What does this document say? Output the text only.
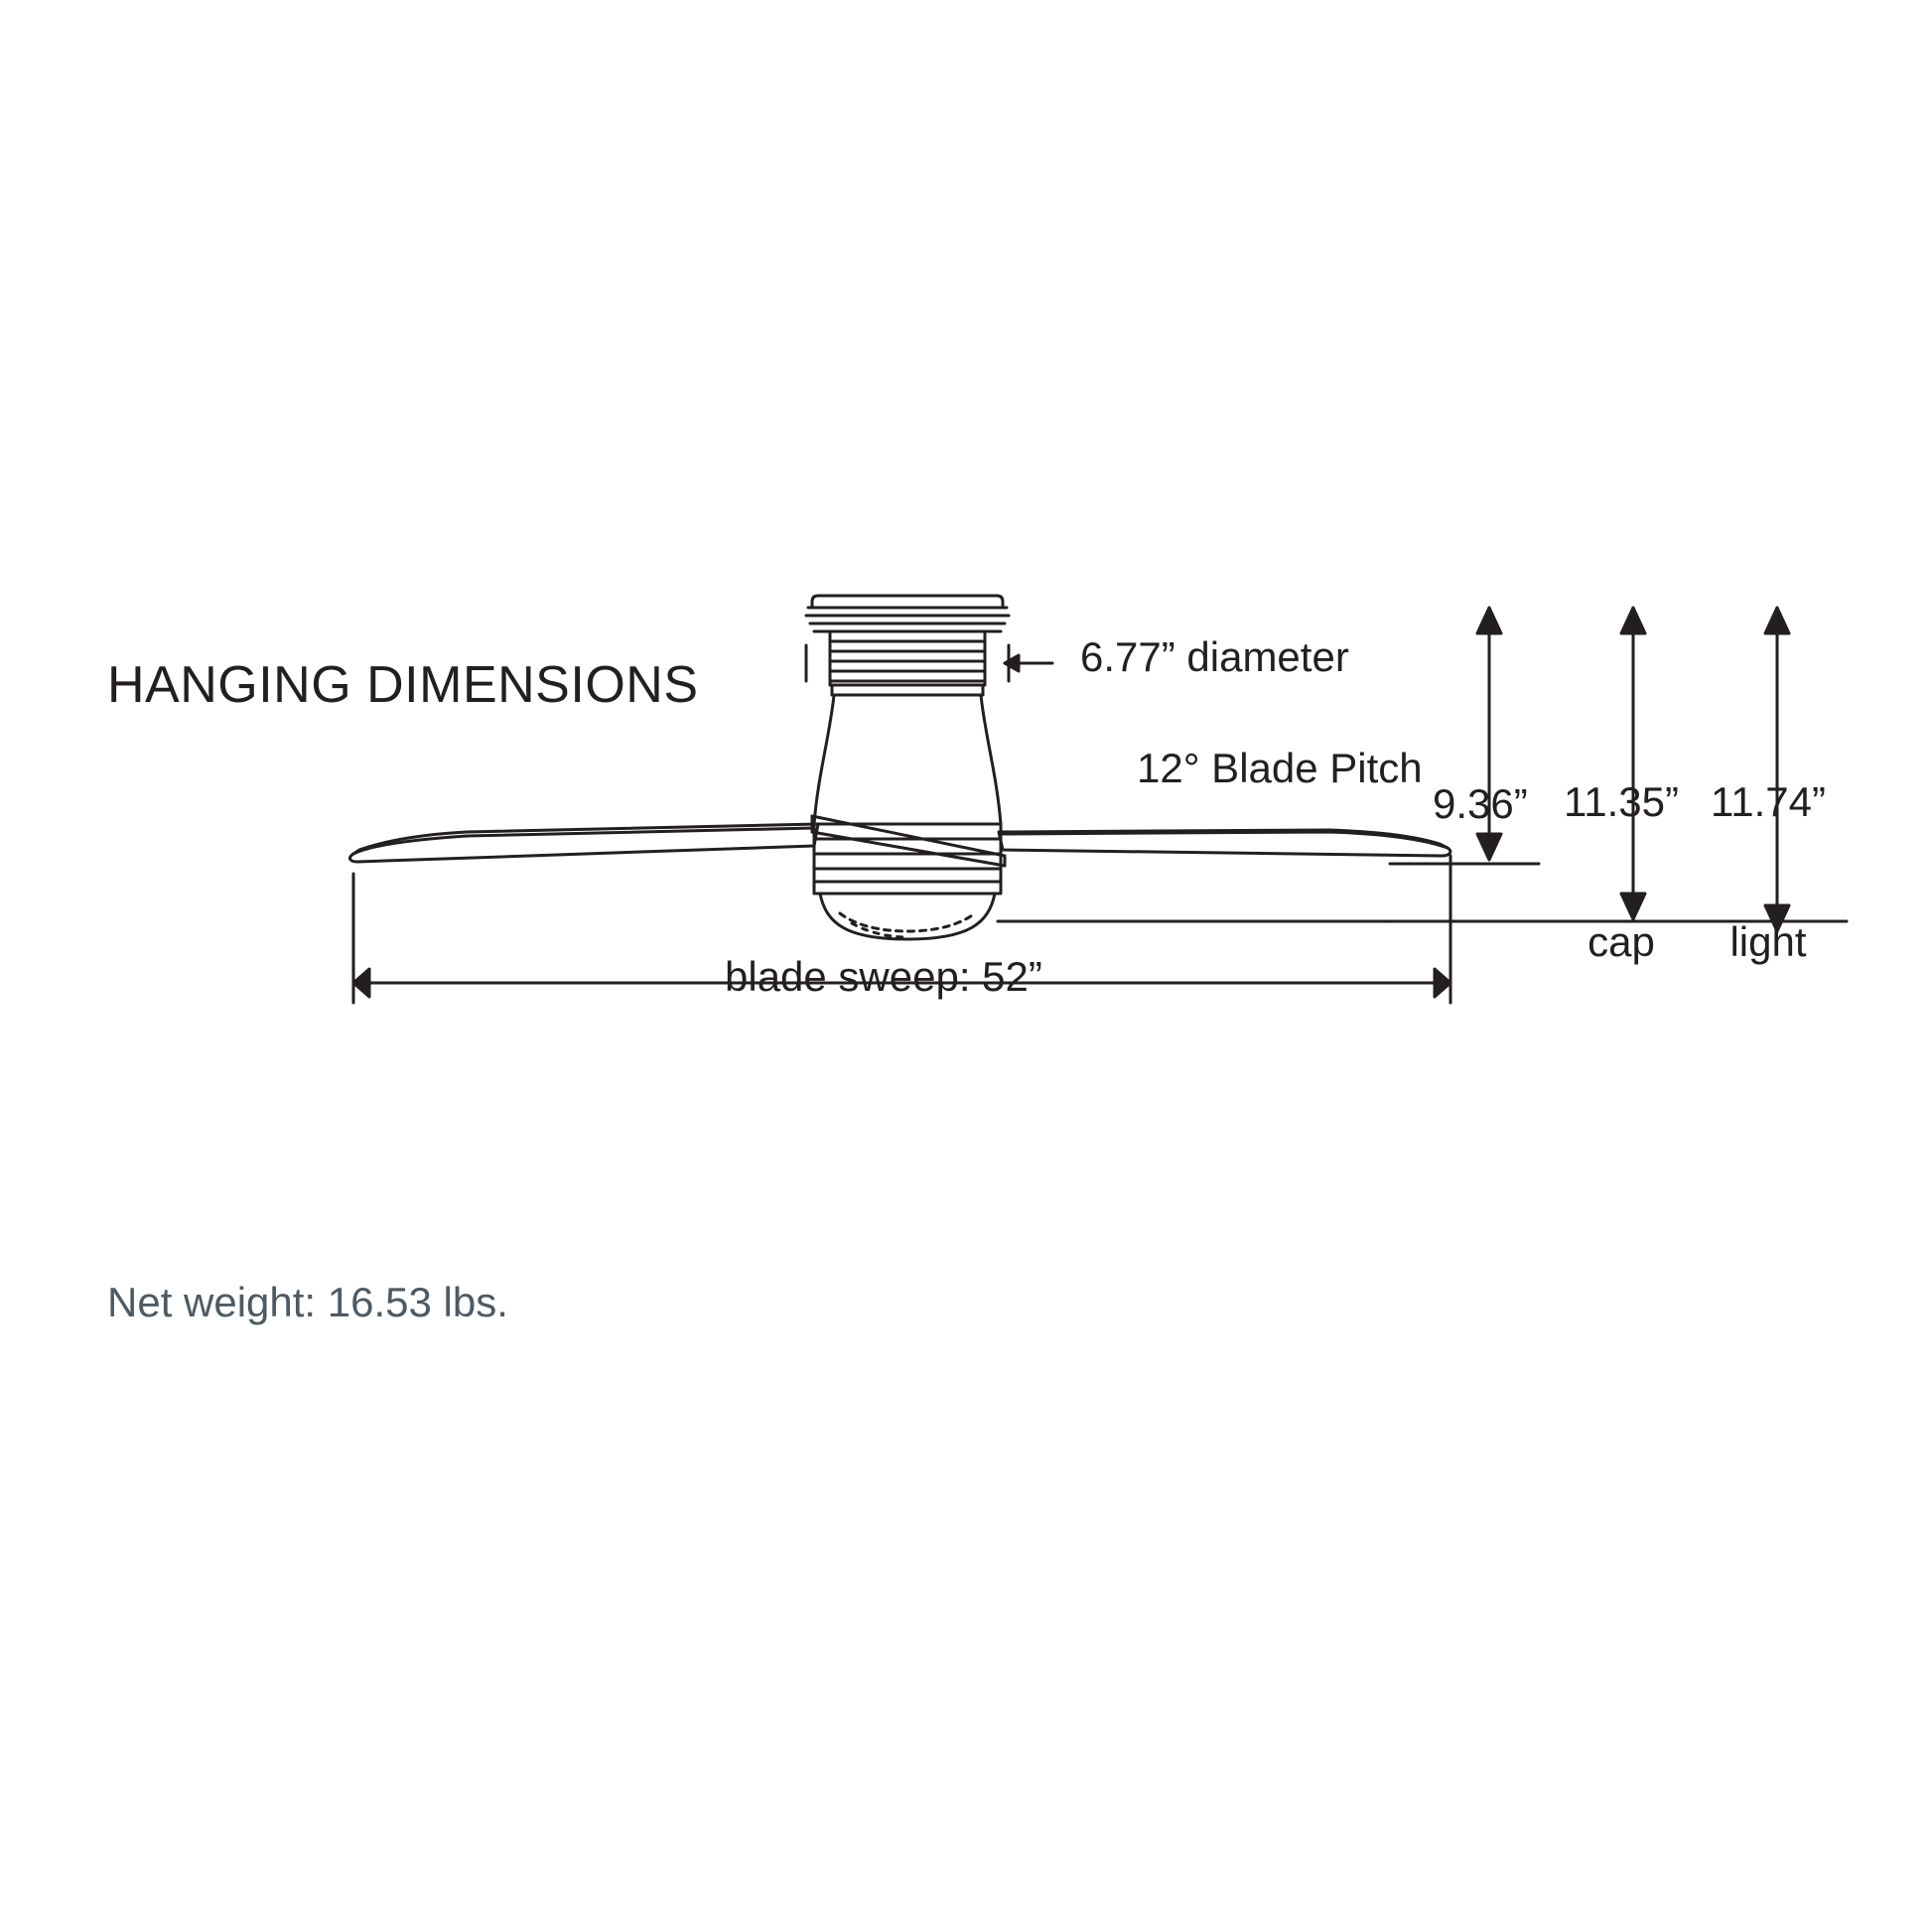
HANGING DIMENSIONS	6.77” diameter
12° Blade Pitch
blade sweep: 52”

9.36”

11.35”

cap

11.74”

light

Net weight: 16.53 lbs.
